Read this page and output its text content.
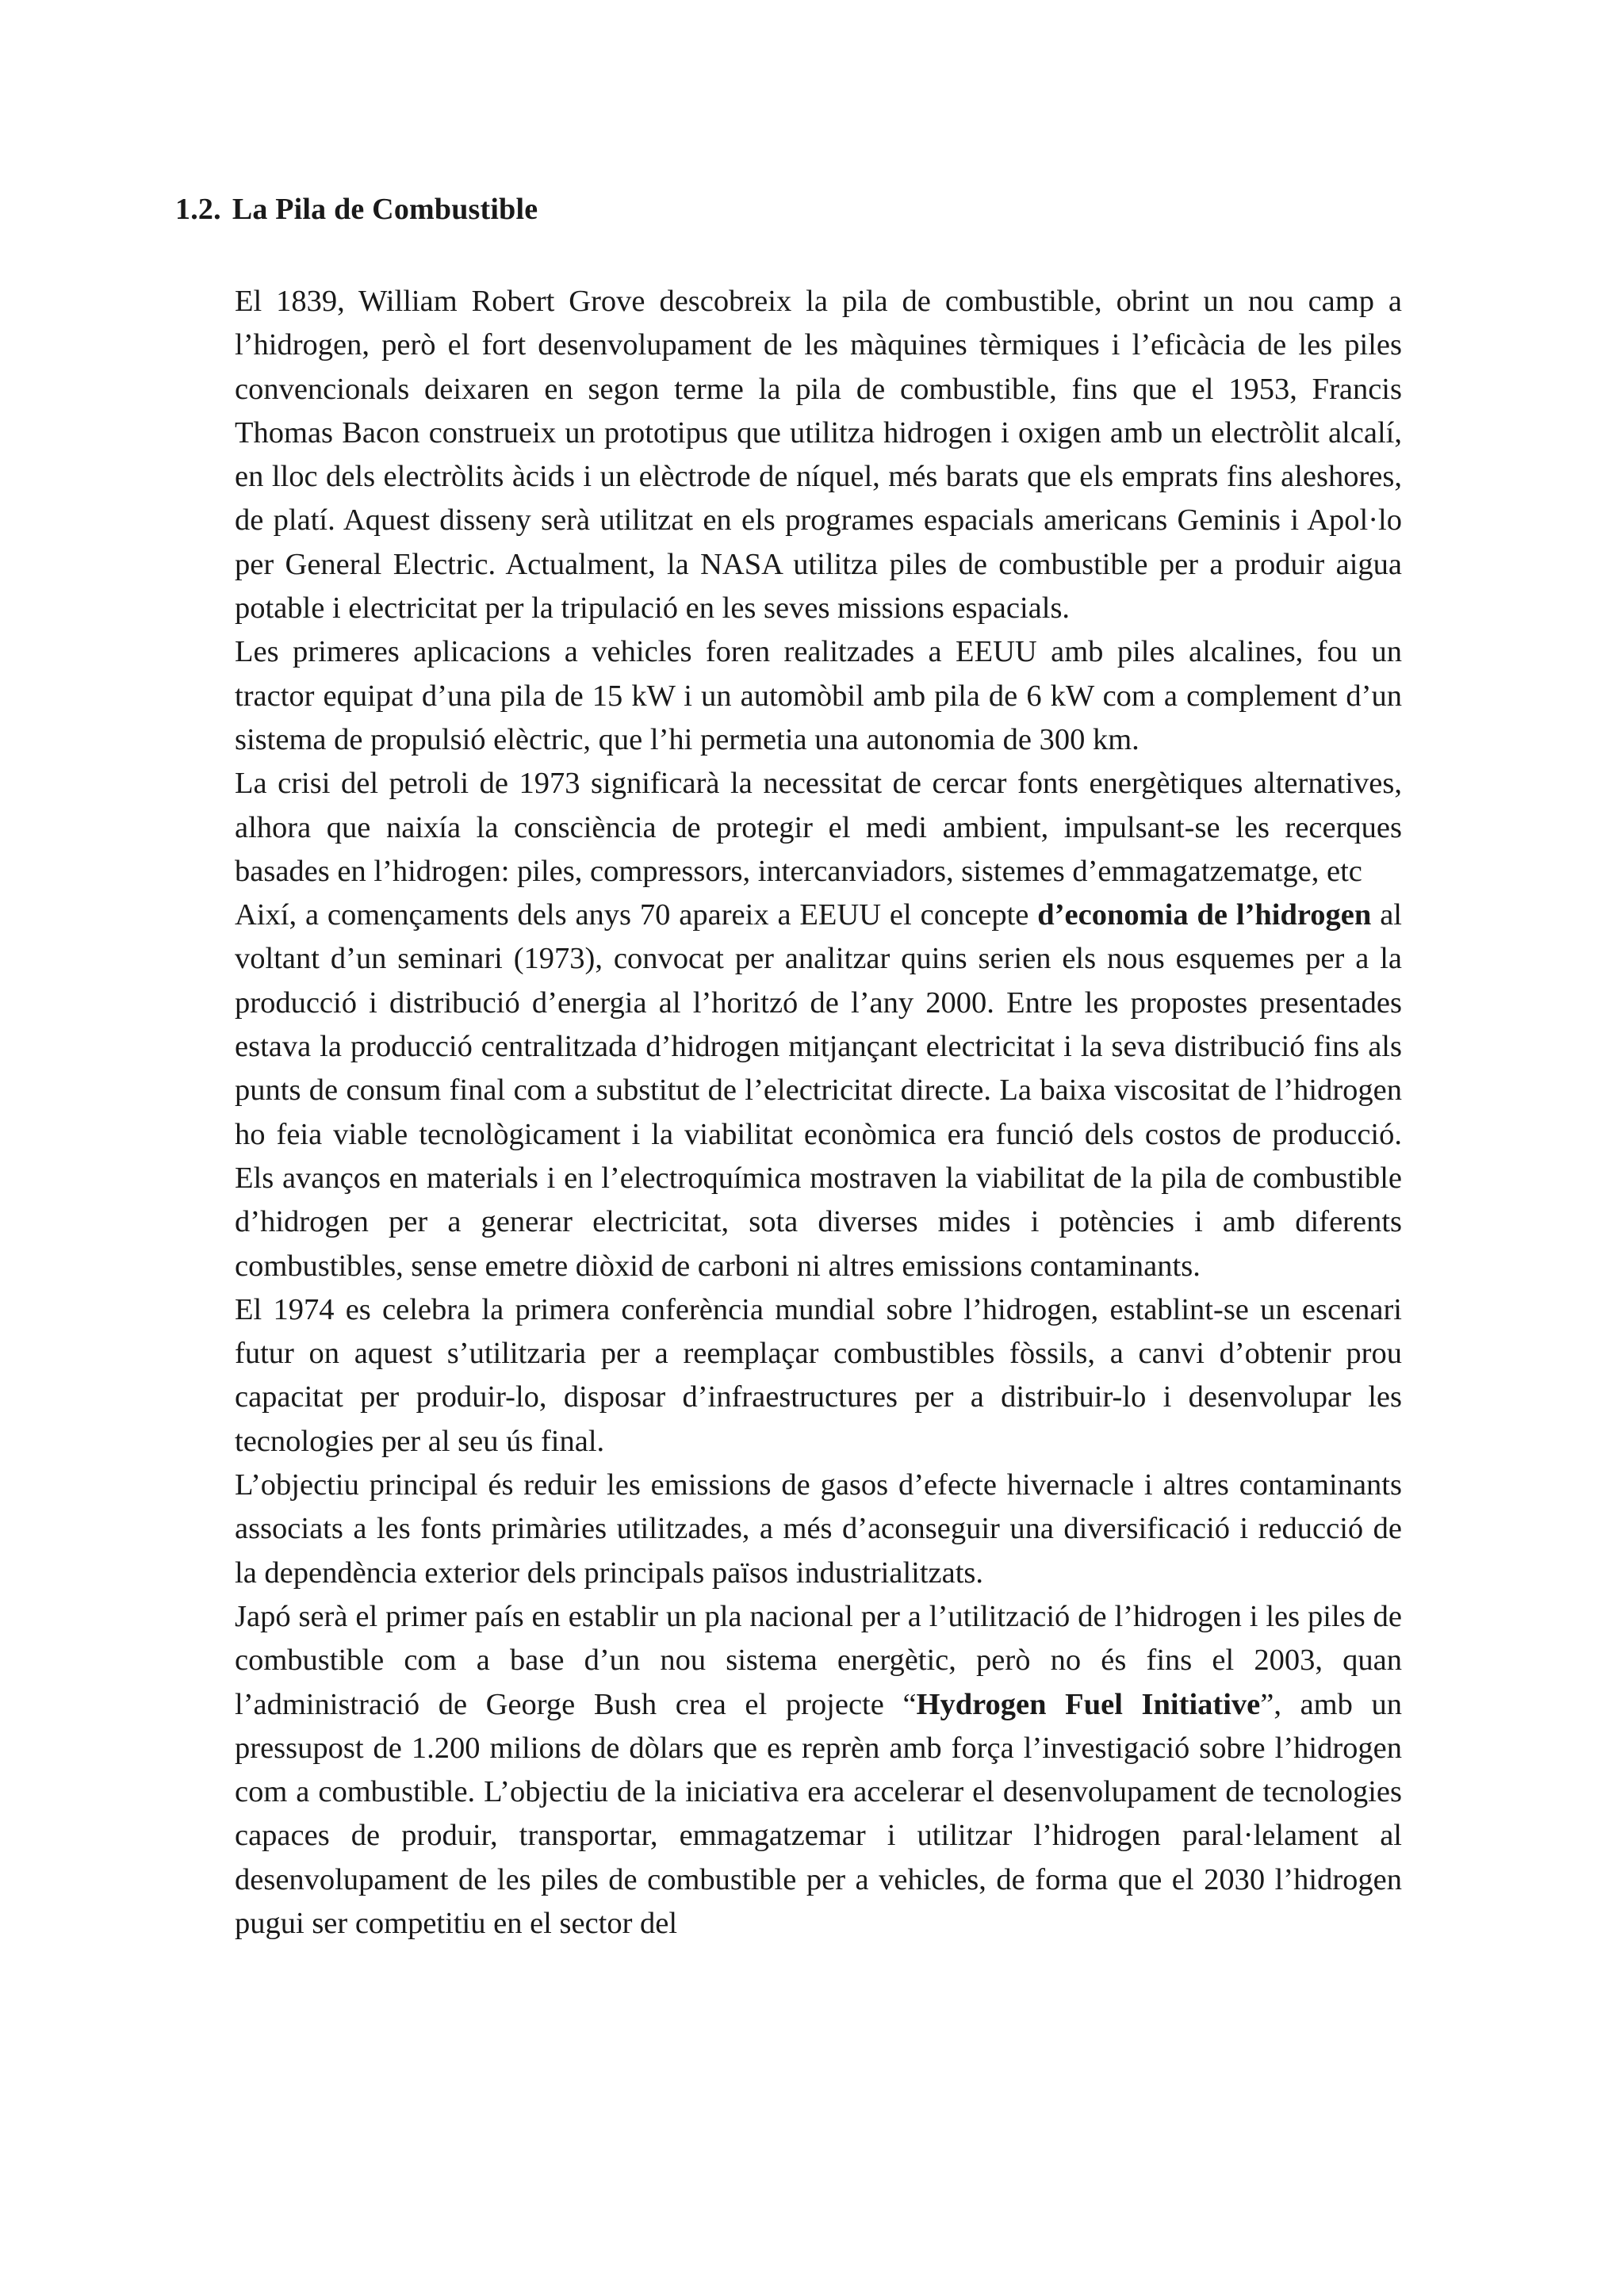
1.2. La Pila de Combustible

El 1839, William Robert Grove descobreix la pila de combustible, obrint un nou camp a l’hidrogen, però el fort desenvolupament de les màquines tèrmiques i l’eficàcia de les piles convencionals deixaren en segon terme la pila de combustible, fins que el 1953, Francis Thomas Bacon construeix un prototipus que utilitza hidrogen i oxigen amb un electròlit alcalí, en lloc dels electròlits àcids i un elèctrode de níquel, més barats que els emprats fins aleshores, de platí. Aquest disseny serà utilitzat en els programes espacials americans Geminis i Apol·lo per General Electric. Actualment, la NASA utilitza piles de combustible per a produir aigua potable i electricitat per la tripulació en les seves missions espacials.

Les primeres aplicacions a vehicles foren realitzades a EEUU amb piles alcalines, fou un tractor equipat d’una pila de 15 kW i un automòbil amb pila de 6 kW com a complement d’un sistema de propulsió elèctric, que l’hi permetia una autonomia de 300 km.

La crisi del petroli de 1973 significarà la necessitat de cercar fonts energètiques alternatives, alhora que naixía la consciència de protegir el medi ambient, impulsant-se les recerques basades en l’hidrogen: piles, compressors, intercanviadors, sistemes d’emmagatzematge, etc

Així, a començaments dels anys 70 apareix a EEUU el concepte d’economia de l’hidrogen al voltant d’un seminari (1973), convocat per analitzar quins serien els nous esquemes per a la producció i distribució d’energia al l’horitzó de l’any 2000. Entre les propostes presentades estava la producció centralitzada d’hidrogen mitjançant electricitat i la seva distribució fins als punts de consum final com a substitut de l’electricitat directe. La baixa viscositat de l’hidrogen ho feia viable tecnològicament i la viabilitat econòmica era funció dels costos de producció. Els avanços en materials i en l’electroquímica mostraven la viabilitat de la pila de combustible d’hidrogen per a generar electricitat, sota diverses mides i potències i amb diferents combustibles, sense emetre diòxid de carboni ni altres emissions contaminants.

El 1974 es celebra la primera conferència mundial sobre l’hidrogen, establint-se un escenari futur on aquest s’utilitzaria per a reemplaçar combustibles fòssils, a canvi d’obtenir prou capacitat per produir-lo, disposar d’infraestructures per a distribuir-lo i desenvolupar les tecnologies per al seu ús final.

L’objectiu principal és reduir les emissions de gasos d’efecte hivernacle i altres contaminants associats a les fonts primàries utilitzades, a més d’aconseguir una diversificació i reducció de la dependència exterior dels principals països industrialitzats.

Japó serà el primer país en establir un pla nacional per a l’utilització de l’hidrogen i les piles de combustible com a base d’un nou sistema energètic, però no és fins el 2003, quan l’administració de George Bush crea el projecte “Hydrogen Fuel Initiative”, amb un pressupost de 1.200 milions de dòlars que es reprèn amb força l’investigació sobre l’hidrogen com a combustible. L’objectiu de la iniciativa era accelerar el desenvolupament de tecnologies capaces de produir, transportar, emmagatzemar i utilitzar l’hidrogen paral·lelament al desenvolupament de les piles de combustible per a vehicles, de forma que el 2030 l’hidrogen pugui ser competitiu en el sector del
